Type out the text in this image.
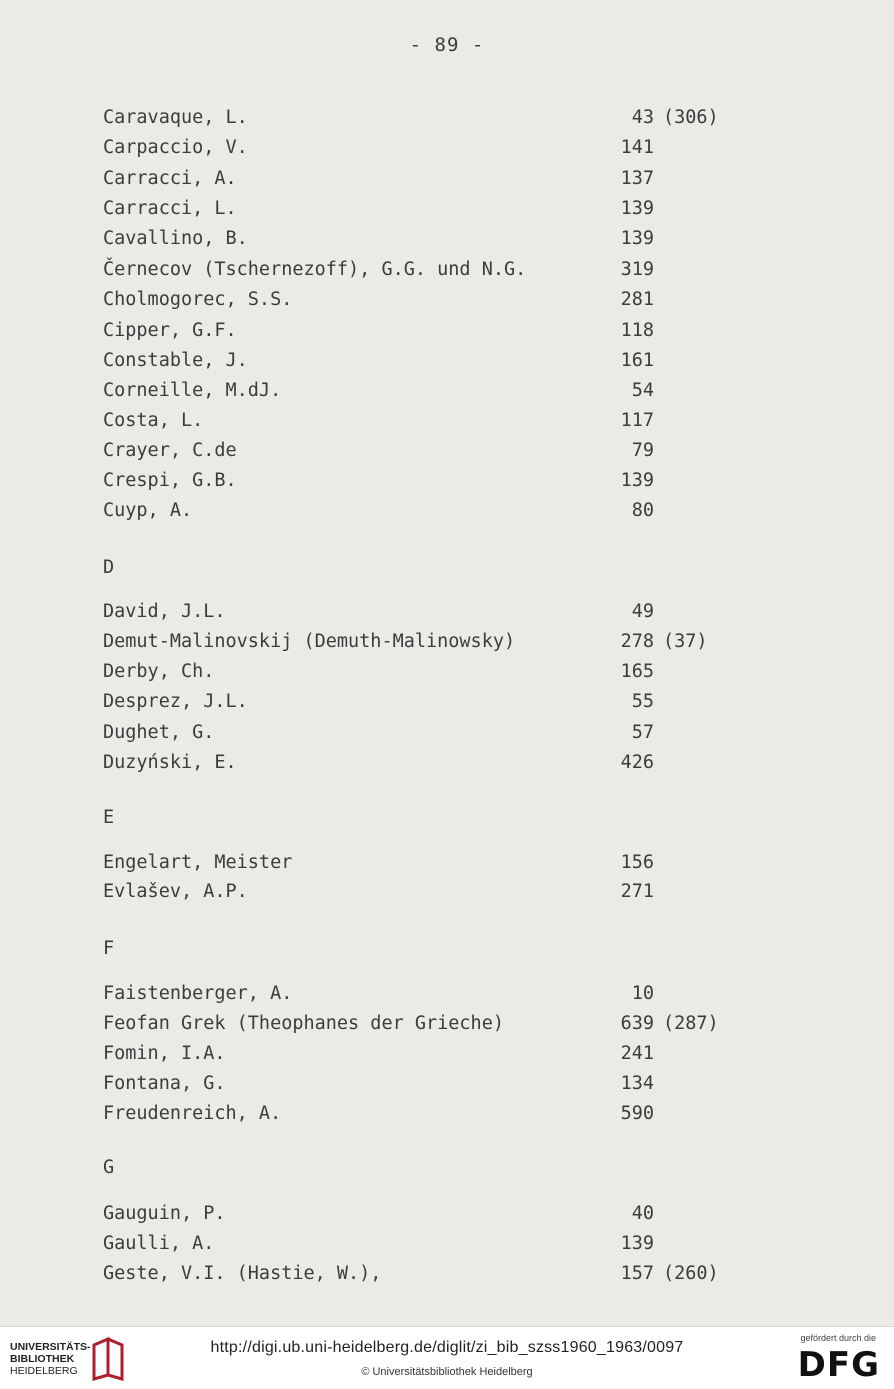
- 89 -
Caravaque, L.	43 (306)
Carpaccio, V.	141
Carracci, A.	137
Carracci, L.	139
Cavallino, B.	139
Černecov (Tschernezoff), G.G. und N.G.	319
Cholmogorec, S.S.	281
Cipper, G.F.	118
Constable, J.	161
Corneille, M.dJ.	54
Costa, L.	117
Crayer, C.de	79
Crespi, G.B.	139
Cuyp, A.	80
D
David, J.L.	49
Demut-Malinovskij (Demuth-Malinowsky)	278 (37)
Derby, Ch.	165
Desprez, J.L.	55
Dughet, G.	57
Duzyński, E.	426
E
Engelart, Meister	156
Evlašev, A.P.	271
F
Faistenberger, A.	10
Feofan Grek (Theophanes der Grieche)	639 (287)
Fomin, I.A.	241
Fontana, G.	134
Freudenreich, A.	590
G
Gauguin, P.	40
Gaulli, A.	139
Geste, V.I. (Hastie, W.),	157 (260)
UNIVERSITÄTS-
BIBLIOTHEK
HEIDELBERG
http://digi.ub.uni-heidelberg.de/diglit/zi_bib_szss1960_1963/0097
© Universitätsbibliothek Heidelberg
gefördert durch die
DFG
